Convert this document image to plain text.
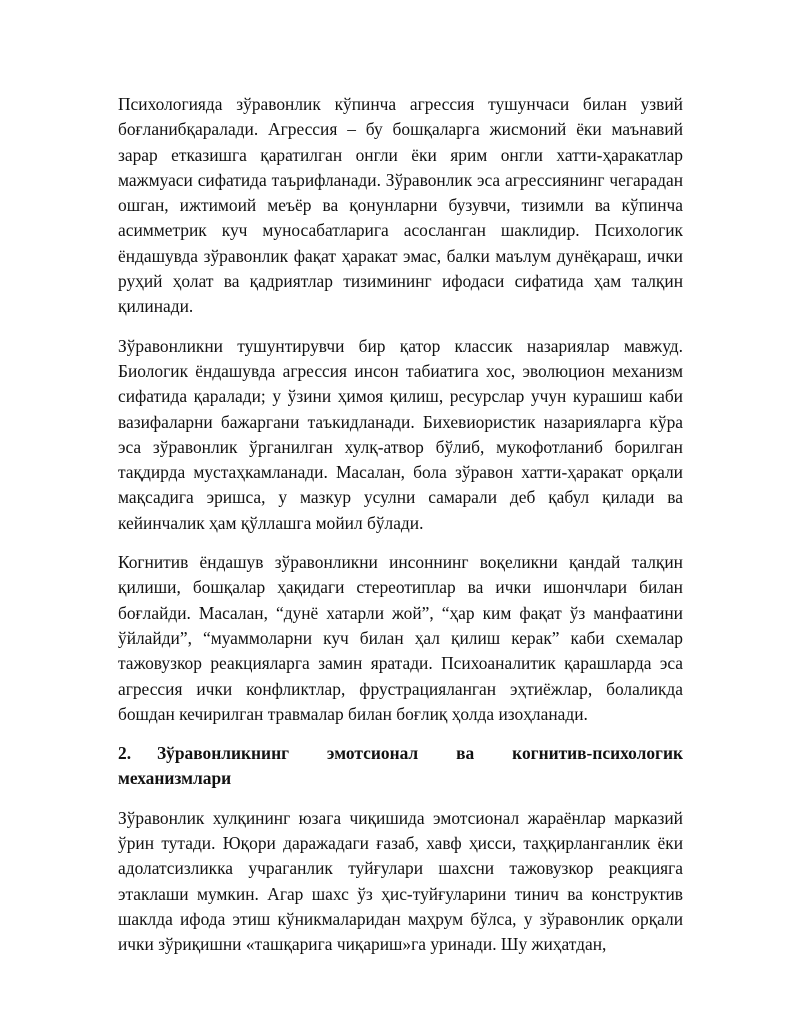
Психологияда зўравонлик кўпинча агрессия тушунчаси билан узвий боғланибқаралади. Агрессия – бу бошқаларга жисмоний ёки маънавий зарар етказишга қаратилган онгли ёки ярим онгли хатти-ҳаракатлар мажмуаси сифатида таърифланади. Зўравонлик эса агрессиянинг чегарадан ошган, ижтимоий меъёр ва қонунларни бузувчи, тизимли ва кўпинча асимметрик куч муносабатларига асосланган шаклидир. Психологик ёндашувда зўравонлик фақат ҳаракат эмас, балки маълум дунёқараш, ички руҳий ҳолат ва қадриятлар тизимининг ифодаси сифатида ҳам талқин қилинади.

Зўравонликни тушунтирувчи бир қатор классик назариялар мавжуд. Биологик ёндашувда агрессия инсон табиатига хос, эволюцион механизм сифатида қаралади; у ўзини ҳимоя қилиш, ресурслар учун курашиш каби вазифаларни бажаргани таъкидланади. Бихевиористик назарияларга кўра эса зўравонлик ўрганилган хулқ-атвор бўлиб, мукофотланиб борилган тақдирда мустаҳкамланади. Масалан, бола зўравон хатти-ҳаракат орқали мақсадига эришса, у мазкур усулни самарали деб қабул қилади ва кейинчалик ҳам қўллашга мойил бўлади.

Когнитив ёндашув зўравонликни инсоннинг воқеликни қандай талқин қилиши, бошқалар ҳақидаги стереотиплар ва ички ишончлари билан боғлайди. Масалан, “дунё хатарли жой”, “ҳар ким фақат ўз манфаатини ўйлайди”, “муаммоларни куч билан ҳал қилиш керак” каби схемалар тажовузкор реакцияларга замин яратади. Психоаналитик қарашларда эса агрессия ички конфликтлар, фрустрацияланган эҳтиёжлар, болаликда бошдан кечирилган травмалар билан боғлиқ ҳолда изоҳланади.

2. Зўравонликнинг эмотсионал ва когнитив-психологик механизмлари

Зўравонлик хулқининг юзага чиқишида эмотсионал жараёнлар марказий ўрин тутади. Юқори даражадаги ғазаб, хавф ҳисси, таҳқирланганлик ёки адолатсизликка учраганлик туйғулари шахсни тажовузкор реакцияга этаклаши мумкин. Агар шахс ўз ҳис-туйғуларини тинич ва конструктив шаклда ифода этиш кўникмаларидан маҳрум бўлса, у зўравонлик орқали ички зўриқишни «ташқарига чиқариш»га уринади. Шу жиҳатдан,
